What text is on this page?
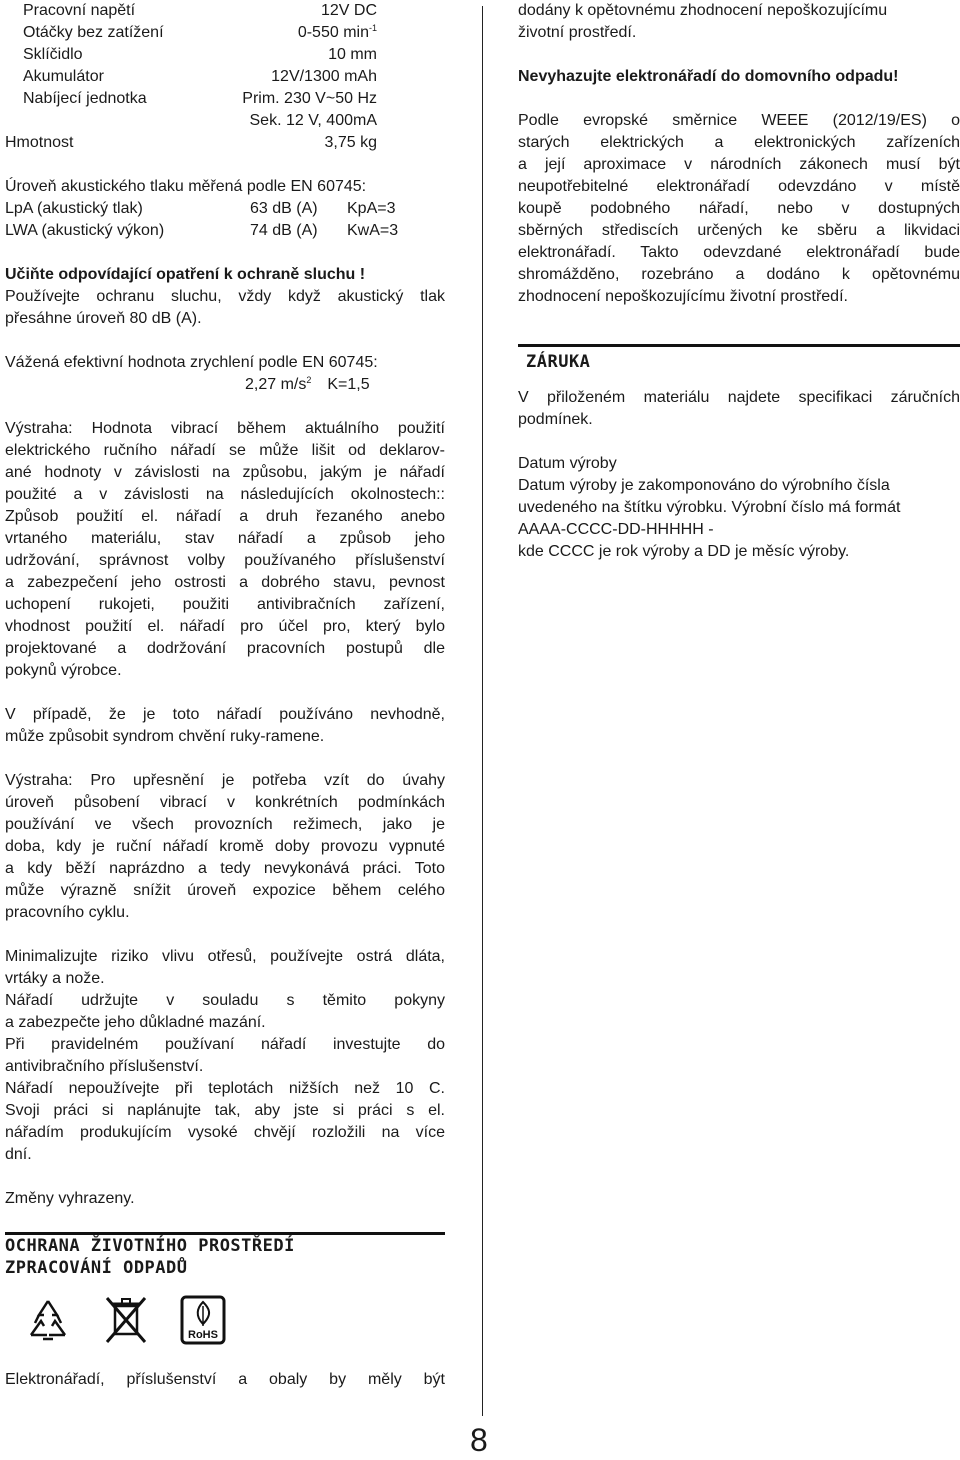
Pracovní napětí	12V DC
Otáčky bez zatížení	0-550 $\min^{-1}$
Sklíčidlo	10 mm
Akumulátor	12V/1300 mAh
Nabíjecí jednotka	Prim. 230 V~50 Hz
Sek. 12 V, 400mA
Hmotnost	3,75 kg
Úroveň akustického tlaku měřená podle EN 60745:
LpA (akustický tlak)	63 dB (A) KpA=3
LWA (akustický výkon)	74 dB (A) KwA=3
Učiňte odpovídající opatření k ochraně sluchu !
Používejte ochranu sluchu, vždy když akustický tlak
přesáhne úroveň 80 dB (A).
Vážená efektivní hodnota zrychlení podle EN 60745:
2,27 $m/s^2$ K=1,5
Výstraha: Hodnota vibrací během aktuálního použití
elektrického ručního nářadí se může lišit od deklarov-
ané hodnoty v závislosti na způsobu, jakým je nářadí
použité a v závislosti na následujících okolnostech::
Způsob použití el. nářadí a druh řezaného anebo
vrtaného materiálu, stav nářadí a způsob jeho
udržování, správnost volby používaného příslušenství
a zabezpečení jeho ostrosti a dobrého stavu, pevnost
uchopení rukojeti, použiti antivibračních zařízení,
vhodnost použití el. nářadí pro účel pro, který bylo
projektované a dodržování pracovních postupů dle
pokynů výrobce.
V případě, že je toto nářadí používáno nevhodně,
může způsobit syndrom chvění ruky-ramene.
Výstraha: Pro upřesnění je potřeba vzít do úvahy
úroveň působení vibrací v konkrétních podmínkách
používání ve všech provozních režimech, jako je
doba, kdy je ruční nářadí kromě doby provozu vypnuté
a kdy běží naprázdno a tedy nevykonává práci. Toto
může výrazně snížit úroveň expozice během celého
pracovního cyklu.
Minimalizujte riziko vlivu otřesů, používejte ostrá dláta,
vrtáky a nože.
Nářadí udržujte v souladu s těmito pokyny
a zabezpečte jeho důkladné mazání.
Při pravidelném používaní nářadí investujte do
antivibračního příslušenství.
Nářadí nepoužívejte při teplotách nižších než 10 C.
Svoji práci si naplánujte tak, aby jste si práci s el.
nářadím produkujícím vysoké chvějí rozložili na více
dní.
Změny vyhrazeny.
OCHRANA ŽIVOTNÍHO PROSTŘEDÍ
ZPRACOVÁNÍ ODPADŮ
RoHS
Elektronářadí, příslušenství a obaly by měly být
dodány k opětovnému zhodnocení nepoškozujícímu
životní prostředí.
Nevyhazujte elektronářadí do domovního odpadu!
Podle evropské směrnice WEEE (2012/19/ES) o
starých elektrických a elektronických zařízeních
a její aproximace v národních zákonech musí být
neupotřebitelné elektronářadí odevzdáno v místě
koupě podobného nářadí, nebo v dostupných
sběrných střediscích určených ke sběru a likvidaci
elektronářadí. Takto odevzdané elektronářadí bude
shromážděno, rozebráno a dodáno k opětovnému
zhodnocení nepoškozujícímu životní prostředí.
ZÁRUKA
V přiloženém materiálu najdete specifikaci záručních
podmínek.
Datum výroby
Datum výroby je zakomponováno do výrobního čísla
uvedeného na štítku výrobku. Výrobní číslo má formát
AAAA-CCCC-DD-HHHHH -
kde CCCC je rok výroby a DD je měsíc výroby.
8
